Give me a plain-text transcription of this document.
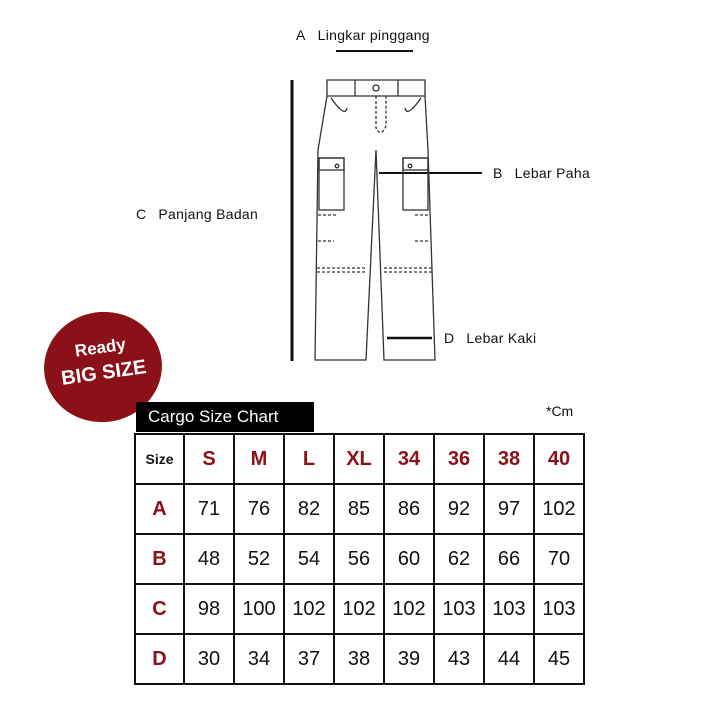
A Lingkar pinggang
B Lebar Paha
C Panjang Badan
D Lebar Kaki
Ready
BIG SIZE
Cargo Size Chart	*Cm
Size	S	M	L	XL	34	36	38	40
A	71	76	82	85	86	92	97	102
B	48	52	54	56	60	62	66	70
C	98	100	102	102	102	103	103	103
D	30	34	37	38	39	43	44	45
